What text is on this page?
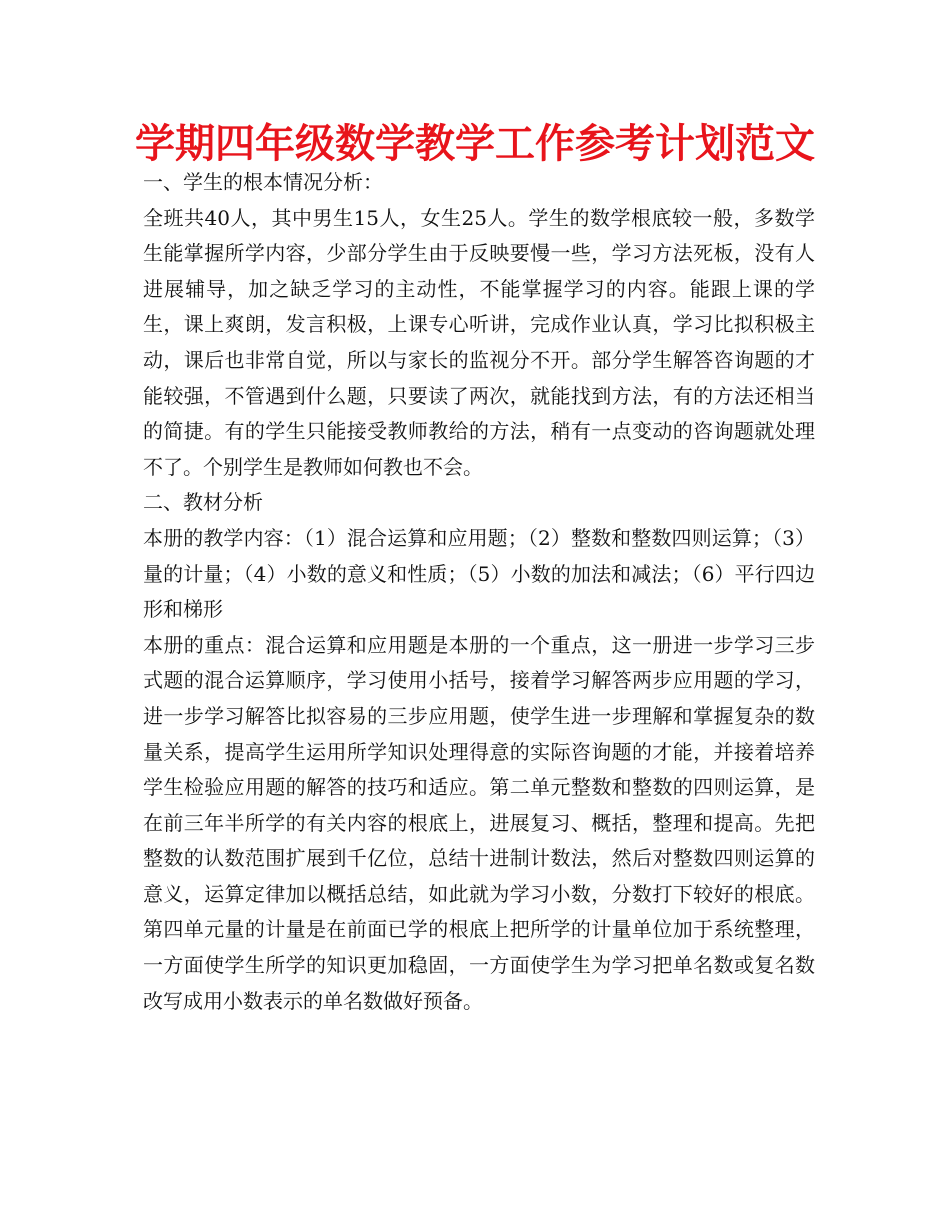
学期四年级数学教学工作参考计划范文

一、学生的根本情况分析：

全班共40人，其中男生15人，女生25人。学生的数学根底较一般，多数学生能掌握所学内容，少部分学生由于反映要慢一些，学习方法死板，没有人进展辅导，加之缺乏学习的主动性，不能掌握学习的内容。能跟上课的学生，课上爽朗，发言积极，上课专心听讲，完成作业认真，学习比拟积极主动，课后也非常自觉，所以与家长的监视分不开。部分学生解答咨询题的才能较强，不管遇到什么题，只要读了两次，就能找到方法，有的方法还相当的简捷。有的学生只能接受教师教给的方法，稍有一点变动的咨询题就处理不了。个别学生是教师如何教也不会。

二、教材分析

本册的教学内容：（1）混合运算和应用题；（2）整数和整数四则运算；（3）量的计量；（4）小数的意义和性质；（5）小数的加法和减法；（6）平行四边形和梯形

本册的重点：混合运算和应用题是本册的一个重点，这一册进一步学习三步式题的混合运算顺序，学习使用小括号，接着学习解答两步应用题的学习，进一步学习解答比拟容易的三步应用题，使学生进一步理解和掌握复杂的数量关系，提高学生运用所学知识处理得意的实际咨询题的才能，并接着培养学生检验应用题的解答的技巧和适应。第二单元整数和整数的四则运算，是在前三年半所学的有关内容的根底上，进展复习、概括，整理和提高。先把整数的认数范围扩展到千亿位，总结十进制计数法，然后对整数四则运算的意义，运算定律加以概括总结，如此就为学习小数，分数打下较好的根底。第四单元量的计量是在前面已学的根底上把所学的计量单位加于系统整理，一方面使学生所学的知识更加稳固，一方面使学生为学习把单名数或复名数改写成用小数表示的单名数做好预备。
